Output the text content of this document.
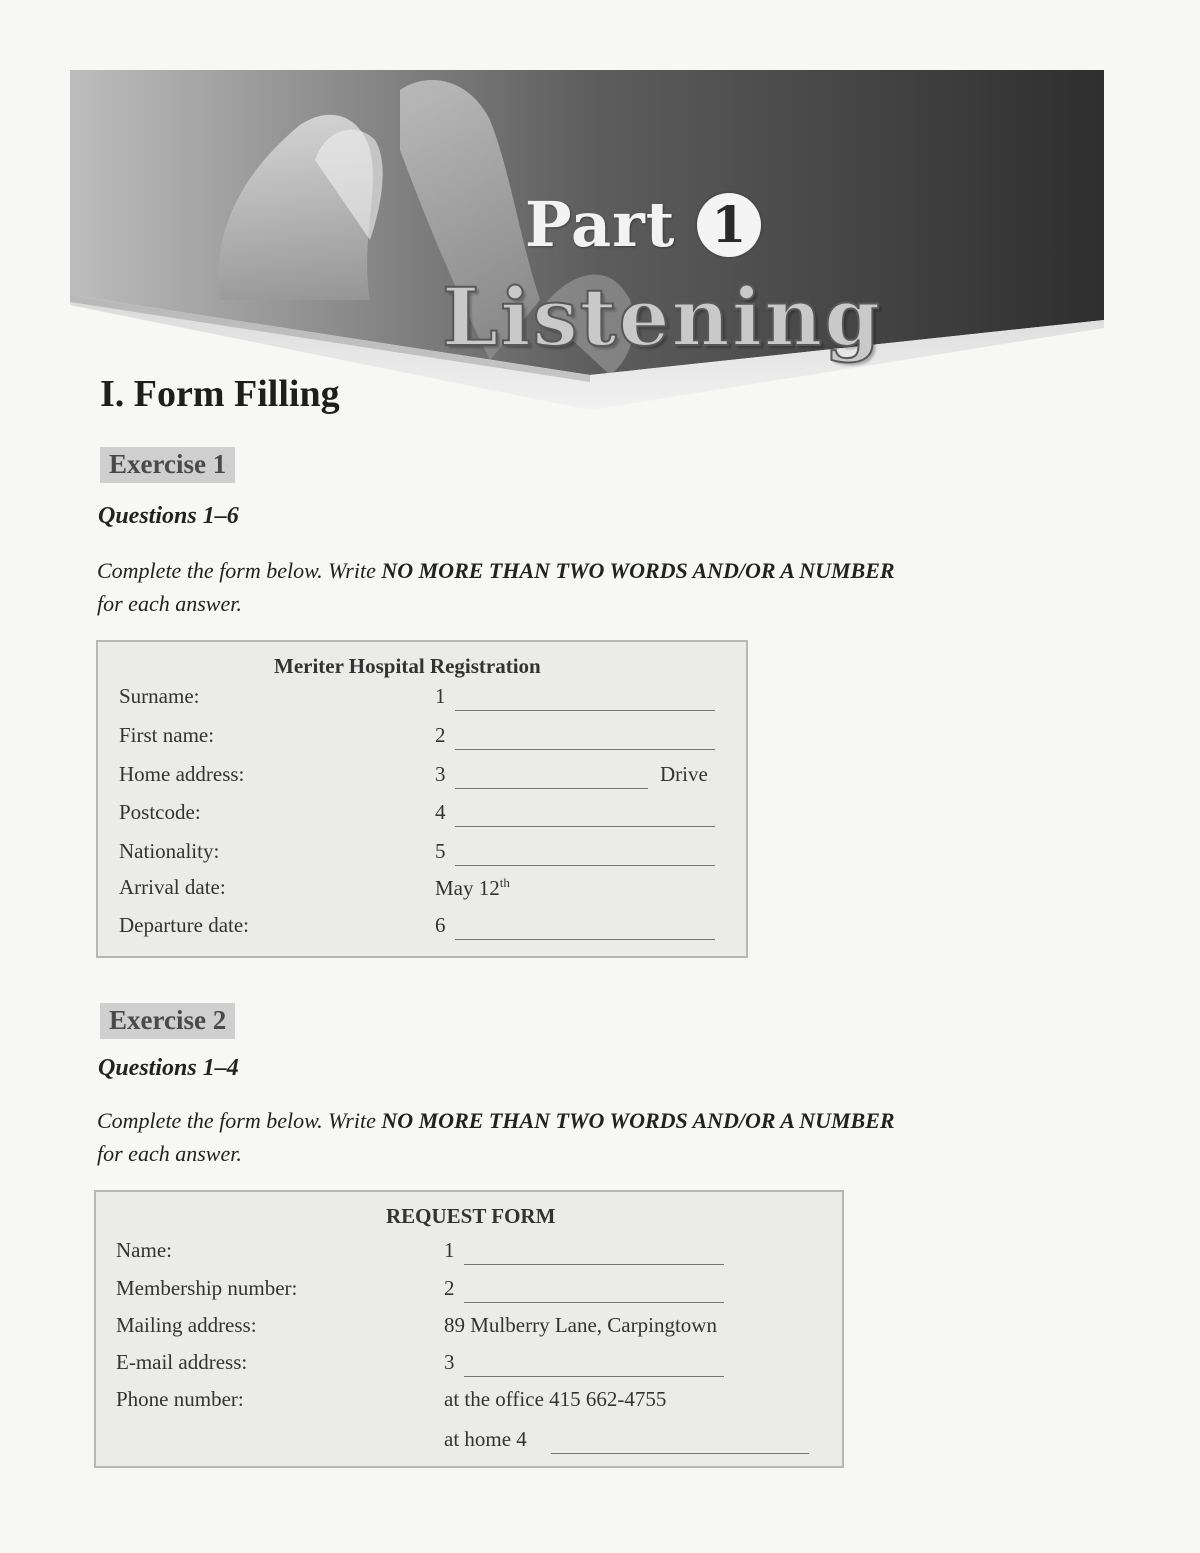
Part 1
Listening
I. Form Filling
Exercise 1
Questions 1–6
Complete the form below. Write NO MORE THAN TWO WORDS AND/OR A NUMBER
for each answer.
Meriter Hospital Registration
Surname:	1
First name:	2
Home address:	3	Drive
Postcode:	4
Nationality:	5
Arrival date:	May 12th
Departure date:	6
Exercise 2
Questions 1–4
Complete the form below. Write NO MORE THAN TWO WORDS AND/OR A NUMBER
for each answer.
REQUEST FORM
Name:	1
Membership number:	2
Mailing address:	89 Mulberry Lane, Carpingtown
E-mail address:	3
Phone number:	at the office 415 662-4755
at home 4
